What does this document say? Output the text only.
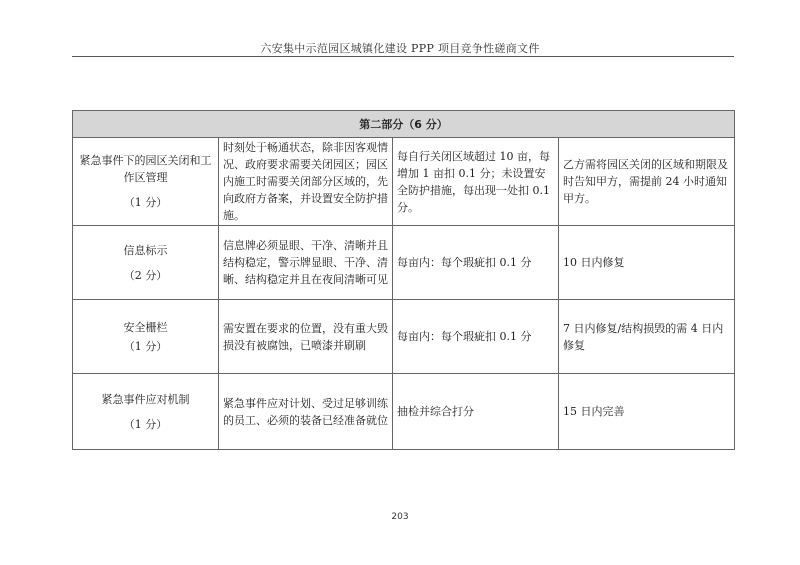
六安集中示范园区城镇化建设 PPP 项目竞争性磋商文件
第二部分（6 分）			

紧急事件下的园区关闭和工作区管理
（1 分）	时刻处于畅通状态，除非因客观情况、政府要求需要关闭园区；园区内施工时需要关闭部分区域的，先向政府方备案，并设置安全防护措施。	每自行关闭区域超过 10 亩，每增加 1 亩扣 0.1 分；未设置安全防护措施，每出现一处扣 0.1 分。	乙方需将园区关闭的区域和期限及时告知甲方，需提前 24 小时通知甲方。

信息标示
（2 分）	信息牌必须显眼、干净、清晰并且结构稳定，警示牌显眼、干净、清晰、结构稳定并且在夜间清晰可见	每亩内：每个瑕疵扣 0.1 分	10 日内修复

安全栅栏
（1 分）	需安置在要求的位置，没有重大毁损没有被腐蚀，已喷漆并刷刷	每亩内：每个瑕疵扣 0.1 分	7 日内修复/结构损毁的需 4 日内修复

紧急事件应对机制
（1 分）	紧急事件应对计划、受过足够训练的员工、必须的装备已经准备就位	抽检并综合打分	15 日内完善
203
